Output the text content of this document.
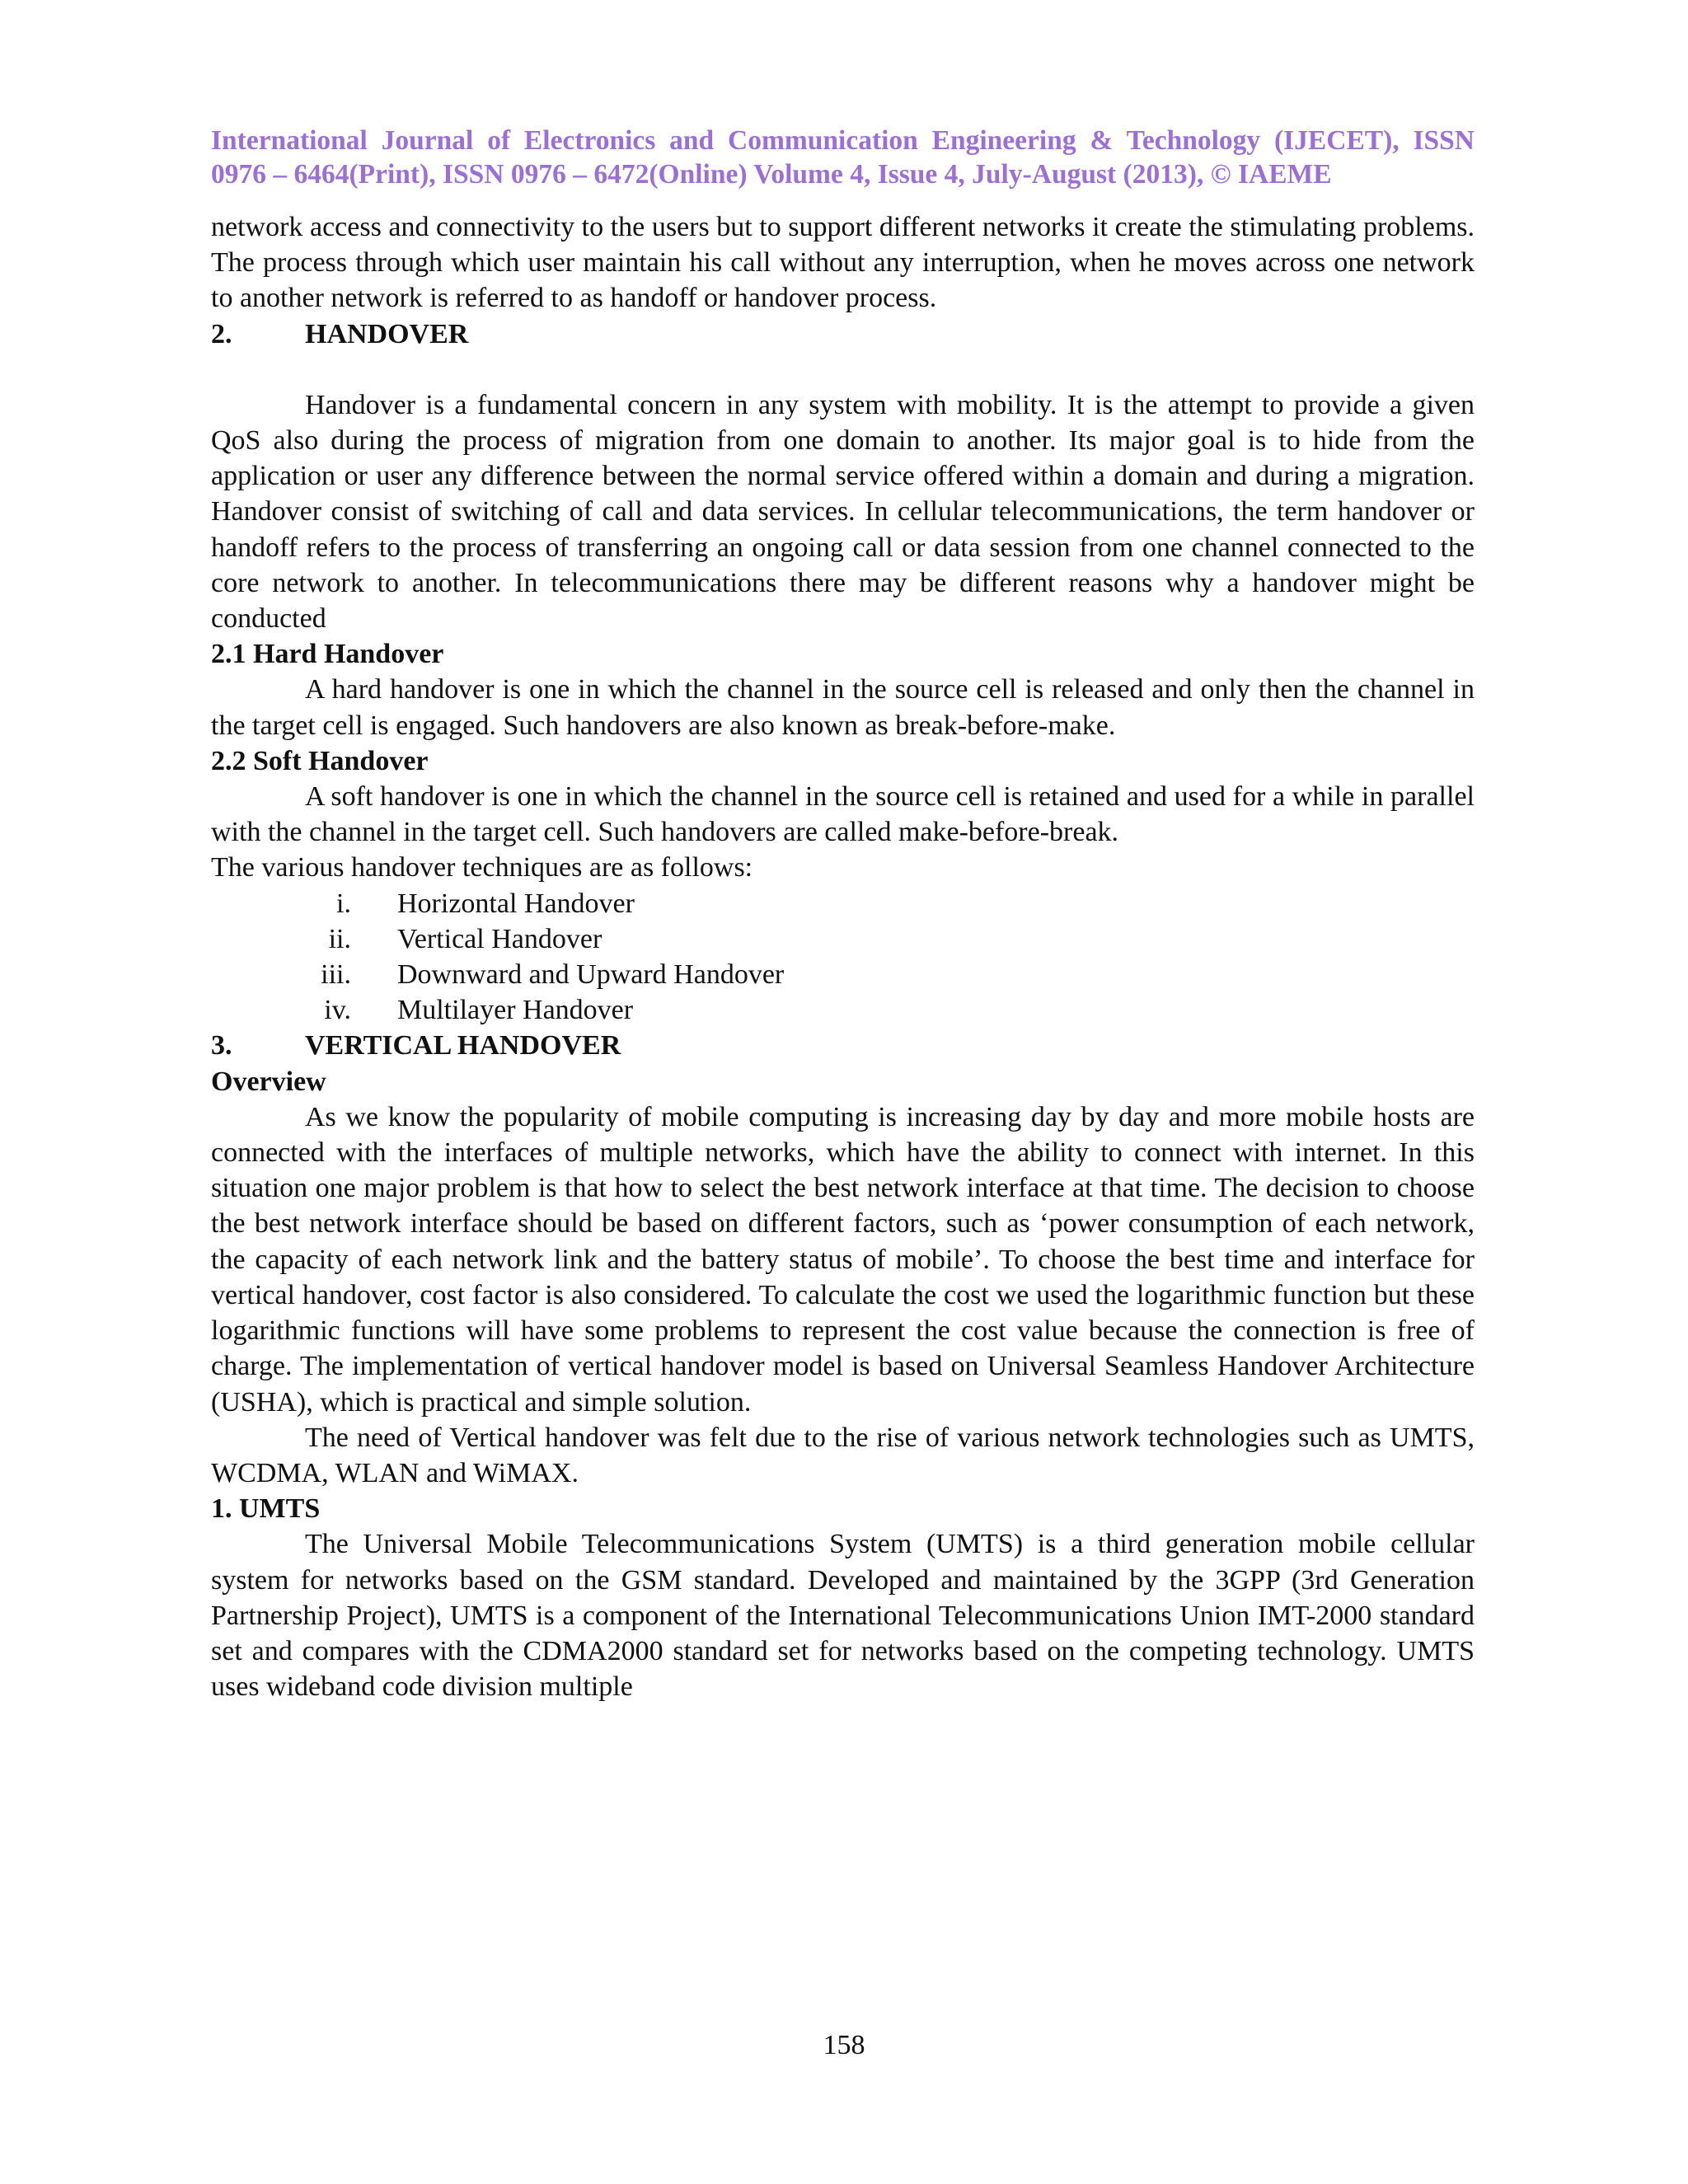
International Journal of Electronics and Communication Engineering & Technology (IJECET), ISSN
0976 – 6464(Print), ISSN 0976 – 6472(Online) Volume 4, Issue 4, July-August (2013), © IAEME

network access and connectivity to the users but to support different networks it create the stimulating problems. The process through which user maintain his call without any interruption, when he moves across one network to another network is referred to as handoff or handover process.

2.	HANDOVER

Handover is a fundamental concern in any system with mobility. It is the attempt to provide a given QoS also during the process of migration from one domain to another. Its major goal is to hide from the application or user any difference between the normal service offered within a domain and during a migration. Handover consist of switching of call and data services. In cellular telecommunications, the term handover or handoff refers to the process of transferring an ongoing call or data session from one channel connected to the core network to another. In telecommunications there may be different reasons why a handover might be conducted

2.1 Hard Handover

A hard handover is one in which the channel in the source cell is released and only then the channel in the target cell is engaged. Such handovers are also known as break-before-make.

2.2 Soft Handover

A soft handover is one in which the channel in the source cell is retained and used for a while in parallel with the channel in the target cell. Such handovers are called make-before-break.

The various handover techniques are as follows:

i.	Horizontal Handover
ii.	Vertical Handover
iii.	Downward and Upward Handover
iv.	Multilayer Handover
3.	VERTICAL HANDOVER
Overview

As we know the popularity of mobile computing is increasing day by day and more mobile hosts are connected with the interfaces of multiple networks, which have the ability to connect with internet. In this situation one major problem is that how to select the best network interface at that time. The decision to choose the best network interface should be based on different factors, such as ‘power consumption of each network, the capacity of each network link and the battery status of mobile’. To choose the best time and interface for vertical handover, cost factor is also considered. To calculate the cost we used the logarithmic function but these logarithmic functions will have some problems to represent the cost value because the connection is free of charge. The implementation of vertical handover model is based on Universal Seamless Handover Architecture (USHA), which is practical and simple solution.

The need of Vertical handover was felt due to the rise of various network technologies such as UMTS, WCDMA, WLAN and WiMAX.

1. UMTS

The Universal Mobile Telecommunications System (UMTS) is a third generation mobile cellular system for networks based on the GSM standard. Developed and maintained by the 3GPP (3rd Generation Partnership Project), UMTS is a component of the International Telecommunications Union IMT-2000 standard set and compares with the CDMA2000 standard set for networks based on the competing technology. UMTS uses wideband code division multiple

158
